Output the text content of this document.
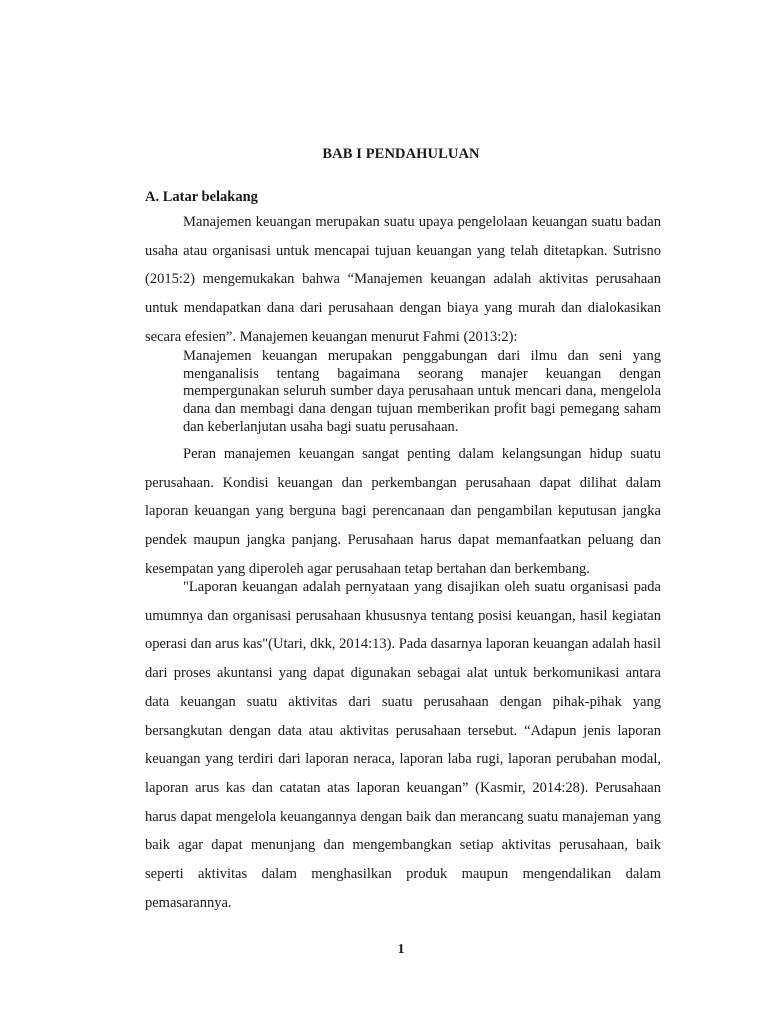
BAB I PENDAHULUAN
A. Latar belakang

Manajemen keuangan merupakan suatu upaya pengelolaan keuangan suatu badan usaha atau organisasi untuk mencapai tujuan keuangan yang telah ditetapkan. Sutrisno (2015:2) mengemukakan bahwa “Manajemen keuangan adalah aktivitas perusahaan untuk mendapatkan dana dari perusahaan dengan biaya yang murah dan dialokasikan secara efesien”. Manajemen keuangan menurut Fahmi (2013:2):

Manajemen keuangan merupakan penggabungan dari ilmu dan seni yang menganalisis tentang bagaimana seorang manajer keuangan dengan mempergunakan seluruh sumber daya perusahaan untuk mencari dana, mengelola dana dan membagi dana dengan tujuan memberikan profit bagi pemegang saham dan keberlanjutan usaha bagi suatu perusahaan.

Peran manajemen keuangan sangat penting dalam kelangsungan hidup suatu perusahaan. Kondisi keuangan dan perkembangan perusahaan dapat dilihat dalam laporan keuangan yang berguna bagi perencanaan dan pengambilan keputusan jangka pendek maupun jangka panjang. Perusahaan harus dapat memanfaatkan peluang dan kesempatan yang diperoleh agar perusahaan tetap bertahan dan berkembang.

"Laporan keuangan adalah pernyataan yang disajikan oleh suatu organisasi pada umumnya dan organisasi perusahaan khususnya tentang posisi keuangan, hasil kegiatan operasi dan arus kas"(Utari, dkk, 2014:13). Pada dasarnya laporan keuangan adalah hasil dari proses akuntansi yang dapat digunakan sebagai alat untuk berkomunikasi antara data keuangan suatu aktivitas dari suatu perusahaan dengan pihak-pihak yang bersangkutan dengan data atau aktivitas perusahaan tersebut. “Adapun jenis laporan keuangan yang terdiri dari laporan neraca, laporan laba rugi, laporan perubahan modal, laporan arus kas dan catatan atas laporan keuangan” (Kasmir, 2014:28). Perusahaan harus dapat mengelola keuangannya dengan baik dan merancang suatu manajeman yang baik agar dapat menunjang dan mengembangkan setiap aktivitas perusahaan, baik seperti aktivitas dalam menghasilkan produk maupun mengendalikan dalam pemasarannya.

1
